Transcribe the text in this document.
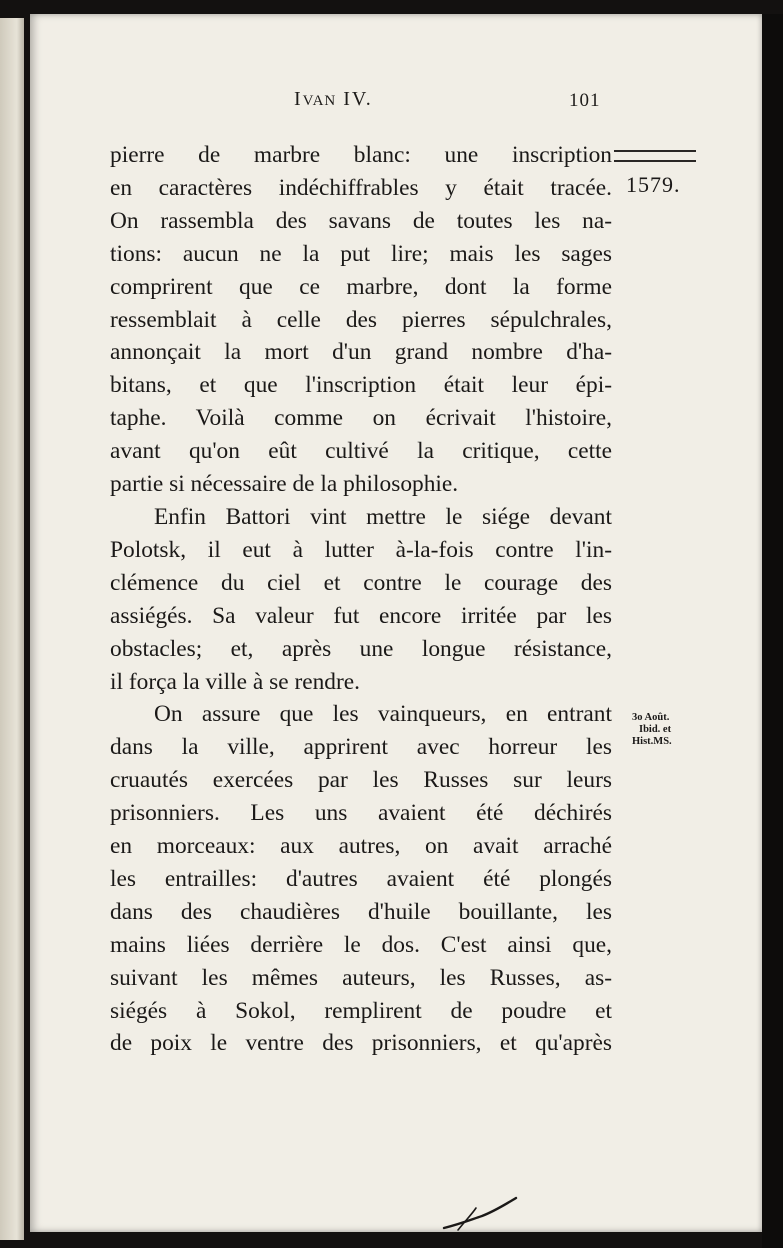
IVAN IV.	101
1579.
3o Août.
Ibid. et
Hist.MS.
pierre de marbre blanc: une inscription
en caractères indéchiffrables y était tracée.
On rassembla des savans de toutes les na-
tions: aucun ne la put lire; mais les sages
comprirent que ce marbre, dont la forme
ressemblait à celle des pierres sépulchrales,
annonçait la mort d'un grand nombre d'ha-
bitans, et que l'inscription était leur épi-
taphe. Voilà comme on écrivait l'histoire,
avant qu'on eût cultivé la critique, cette
partie si nécessaire de la philosophie.
Enfin Battori vint mettre le siége devant
Polotsk, il eut à lutter à-la-fois contre l'in-
clémence du ciel et contre le courage des
assiégés. Sa valeur fut encore irritée par les
obstacles; et, après une longue résistance,
il força la ville à se rendre.
On assure que les vainqueurs, en entrant
dans la ville, apprirent avec horreur les
cruautés exercées par les Russes sur leurs
prisonniers. Les uns avaient été déchirés
en morceaux: aux autres, on avait arraché
les entrailles: d'autres avaient été plongés
dans des chaudières d'huile bouillante, les
mains liées derrière le dos. C'est ainsi que,
suivant les mêmes auteurs, les Russes, as-
siégés à Sokol, remplirent de poudre et
de poix le ventre des prisonniers, et qu'après
